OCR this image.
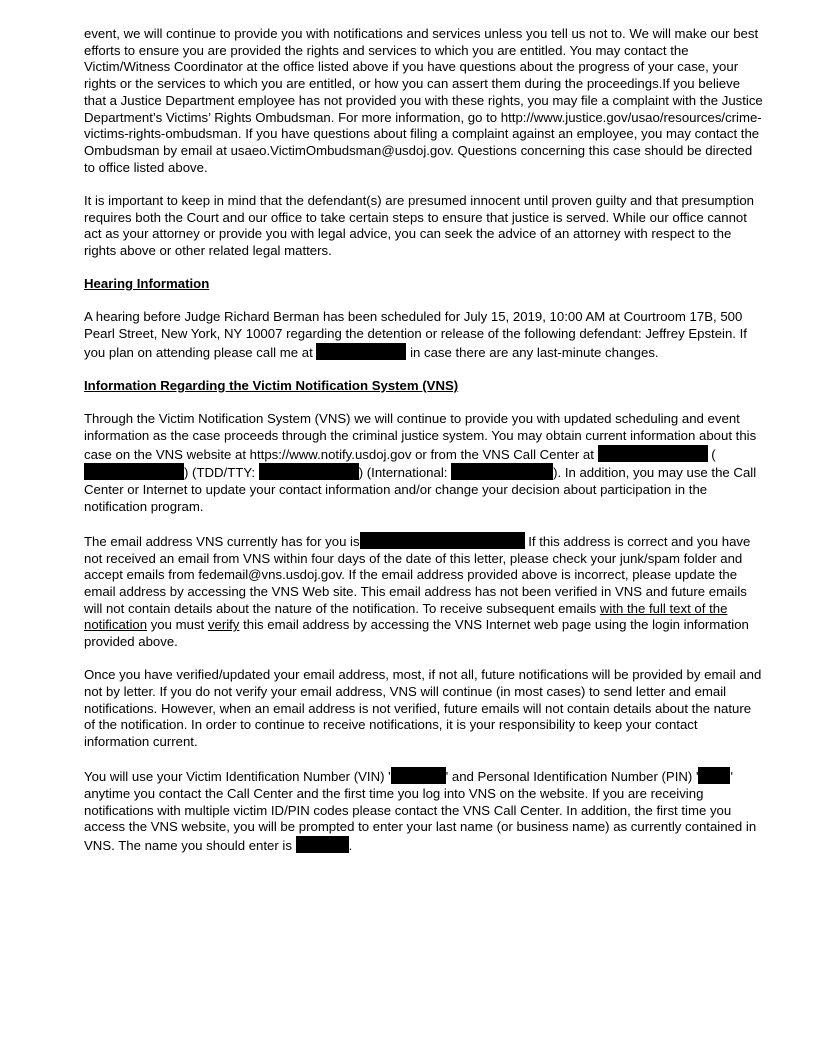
event, we will continue to provide you with notifications and services unless you tell us not to. We will make our best efforts to ensure you are provided the rights and services to which you are entitled. You may contact the Victim/Witness Coordinator at the office listed above if you have questions about the progress of your case, your rights or the services to which you are entitled, or how you can assert them during the proceedings.If you believe that a Justice Department employee has not provided you with these rights, you may file a complaint with the Justice Department’s Victims’ Rights Ombudsman. For more information, go to http://www.justice.gov/usao/resources/crime-victims-rights-ombudsman. If you have questions about filing a complaint against an employee, you may contact the Ombudsman by email at usaeo.VictimOmbudsman@usdoj.gov. Questions concerning this case should be directed to office listed above.

It is important to keep in mind that the defendant(s) are presumed innocent until proven guilty and that presumption requires both the Court and our office to take certain steps to ensure that justice is served. While our office cannot act as your attorney or provide you with legal advice, you can seek the advice of an attorney with respect to the rights above or other related legal matters.

Hearing Information

A hearing before Judge Richard Berman has been scheduled for July 15, 2019, 10:00 AM at Courtroom 17B, 500 Pearl Street, New York, NY 10007 regarding the detention or release of the following defendant: Jeffrey Epstein. If you plan on attending please call me at	in case there are any last-minute changes.

Information Regarding the Victim Notification System (VNS)

Through the Victim Notification System (VNS) we will continue to provide you with updated scheduling and event information as the case proceeds through the criminal justice system. You may obtain current information about this case on the VNS website at https://www.notify.usdoj.gov or from the VNS Call Center at	() (TDD/TTY:	) (International:	). In addition, you may use the Call Center or Internet to update your contact information and/or change your decision about participation in the notification program.

The email address VNS currently has for you is	If this address is correct and you have not received an email from VNS within four days of the date of this letter, please check your junk/spam folder and accept emails from fedemail@vns.usdoj.gov. If the email address provided above is incorrect, please update the email address by accessing the VNS Web site. This email address has not been verified in VNS and future emails will not contain details about the nature of the notification. To receive subsequent emails with the full text of the notification you must verify this email address by accessing the VNS Internet web page using the login information provided above.

Once you have verified/updated your email address, most, if not all, future notifications will be provided by email and not by letter. If you do not verify your email address, VNS will continue (in most cases) to send letter and email notifications. However, when an email address is not verified, future emails will not contain details about the nature of the notification. In order to continue to receive notifications, it is your responsibility to keep your contact information current.

You will use your Victim Identification Number (VIN) '	' and Personal Identification Number (PIN) ' ' anytime you contact the Call Center and the first time you log into VNS on the website. If you are receiving notifications with multiple victim ID/PIN codes please contact the VNS Call Center. In addition, the first time you access the VNS website, you will be prompted to enter your last name (or business name) as currently contained in VNS. The name you should enter is	.
